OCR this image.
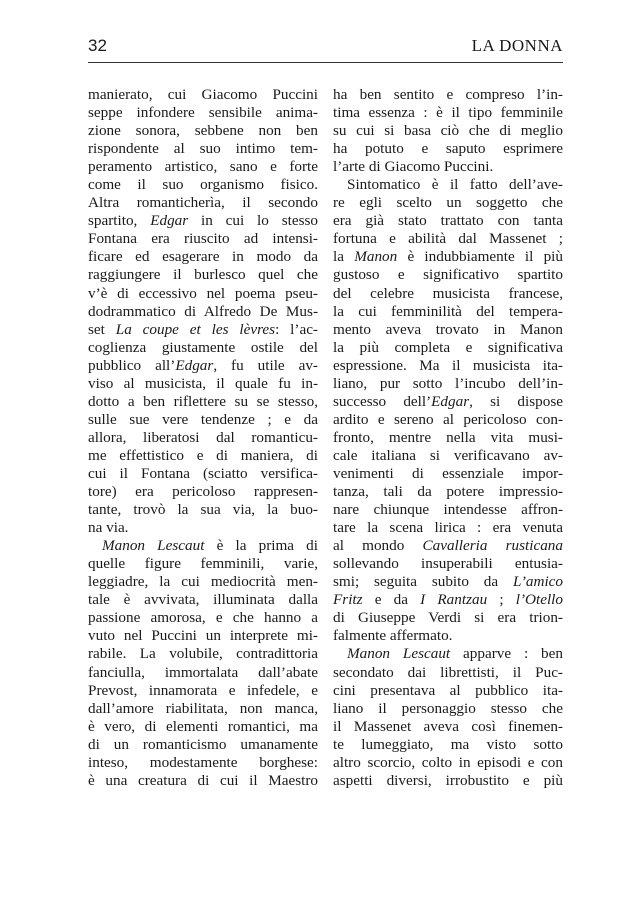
32	LA DONNA
manierato, cui Giacomo Puccini
seppe infondere sensibile anima-
zione sonora, sebbene non ben
rispondente al suo intimo tem-
peramento artistico, sano e forte
come il suo organismo fisico.
Altra romanticherìa, il secondo
spartito, Edgar in cui lo stesso
Fontana era riuscito ad intensi-
ficare ed esagerare in modo da
raggiungere il burlesco quel che
v’è di eccessivo nel poema pseu-
dodrammatico di Alfredo De Mus-
set La coupe et les lèvres: l’ac-
coglienza giustamente ostile del
pubblico all’Edgar, fu utile av-
viso al musicista, il quale fu in-
dotto a ben riflettere su se stesso,
sulle sue vere tendenze ; e da
allora, liberatosi dal romanticu-
me effettistico e di maniera, di
cui il Fontana (sciatto versifica-
tore) era pericoloso rappresen-
tante, trovò la sua via, la buo-
na via.
Manon Lescaut è la prima di
quelle figure femminili, varie,
leggiadre, la cui mediocrità men-
tale è avvivata, illuminata dalla
passione amorosa, e che hanno a
vuto nel Puccini un interprete mi-
rabile. La volubile, contradittoria
fanciulla, immortalata dall’abate
Prevost, innamorata e infedele, e
dall’amore riabilitata, non manca,
è vero, di elementi romantici, ma
di un romanticismo umanamente
inteso, modestamente borghese:
è una creatura di cui il Maestro
ha ben sentito e compreso l’in-
tima essenza : è il tipo femminile
su cui si basa ciò che di meglio
ha potuto e saputo esprimere
l’arte di Giacomo Puccini.
Sintomatico è il fatto dell’ave-
re egli scelto un soggetto che
era già stato trattato con tanta
fortuna e abilità dal Massenet ;
la Manon è indubbiamente il più
gustoso e significativo spartito
del celebre musicista francese,
la cui femminilità del tempera-
mento aveva trovato in Manon
la più completa e significativa
espressione. Ma il musicista ita-
liano, pur sotto l’incubo dell’in-
successo dell’Edgar, si dispose
ardito e sereno al pericoloso con-
fronto, mentre nella vita musi-
cale italiana si verificavano av-
venimenti di essenziale impor-
tanza, tali da potere impressio-
nare chiunque intendesse affron-
tare la scena lirica : era venuta
al mondo Cavalleria rusticana
sollevando insuperabili entusia-
smi; seguita subito da L’amico
Fritz e da I Rantzau ; l’Otello
di Giuseppe Verdi si era trion-
falmente affermato.
Manon Lescaut apparve : ben
secondato dai librettisti, il Puc-
cini presentava al pubblico ita-
liano il personaggio stesso che
il Massenet aveva così finemen-
te lumeggiato, ma visto sotto
altro scorcio, colto in episodi e con
aspetti diversi, irrobustito e più
